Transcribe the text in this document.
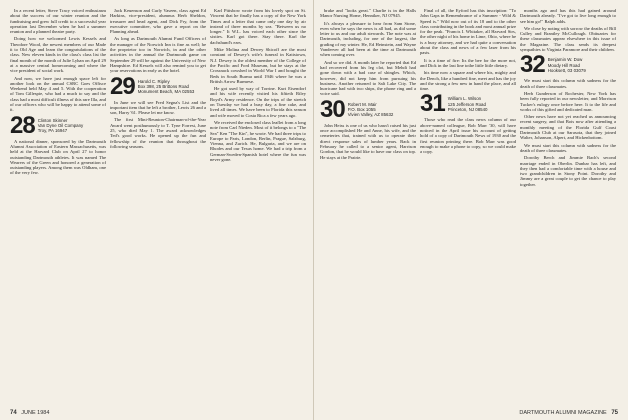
In a recent letter, Steve Tracy voiced enthusiasm about the success of our winter reunion and the fundraising and grew full credit to a successful year operation last December when he had a summer reunion and a planned theatre party.

Doing how we welcomed Lewis Kessels and Theodore Wood, the newest members of our Made it to Old Age and learn the congratulations of the class. New eleven kinds in the class's class list the final month of the month of Julie Lyhan on April 29 at a massive central homecoming and where the vice president of social work.

And now, we have just enough space left for another look on the annual CSRC Goes Offisce Weekend held May 4 and 5. With the cooperation of Tom Gillespie, who had a much to say and the class had a most difficult illness of this rare Illa, and of our officers who will be happy to attend some of it.

28 Clinton Skinner
Van Dyne Oil Company
Troy, PA 16947

A national dinner, sponsored by the Dartmouth Alumni Association of Eastern Massachusetts, was held at the Harvard Club on April 27 to honor outstanding Dartmouth athletes. It was named The Wearers of the Green and honored a generation of outstanding players. Among them was Oldham, one of the very few.

Jack Keuenson and Curly Vaseen, class agent Ed Harkins, vice-president, alumnus Herb Sheldon, treasurer and head agent, and Dick Fry, from the executive committee, who gave a report on the Planning ahead.

As long as Dartmouth Alumni Fund Officers of the manager of the Norwich Inn is fine as well; he the proprietor too in Norwich, in and the other activities in the annual the Dartmouth game on September 29 will be against the University of New Hampshire. Ed Kessels will also remind you to get your reservations in early as the hotel.

29 Harold C. Ripley
Box 398, 25 Brittons Road
Monument Beach, MA 02553

In June we will see Fred Segna's List and the important item that he left a brother, Lewis 26 and a son, Harry '61. Please let me know.

The first Mini-Reunion-Chairman-of-the-Year Award went posthumously to T. Tyne Forrest, June 25, who died May 1. The award acknowledges Ted's good works. He opened up the fun and fellowship of the reunion that throughout the following seasons.

Karl Pittsbow wrote from his lovely spot on St. Vincent that he finally has a copy of the New York Times and a letter that came only one day by air instead of three months by sea. "Between us no longer." It W.L. has voiced each other since the sixties. Karl got there. Stay there. Karl the dachshund's ears.

Mike Molina and Dewey Shicoff are the most constant of Dewey's wife's funeral in Kattstown, N.J. Dewey is the oldest member of the College of the Pacific and Ford Museum, but be stays at the Crossnack cowshed in World War I and bought the Beds in South Burma until 1946 where he was a British Arrow Burmese.

He got used by way of Torrine. Kurt Eisendorf and his wife recently visited his fiftieth Riley Boyd's Army residence. On the trips of the stretch on Tuesday we had a busy day, a fine cake, and lived all times. We have been to Florida this season and wife moved to Costa Rica a few years ago.

We received the enclosed class leaflet from a long note from Carl Nieden. Most of it belongs to a "The Sea" Ken "The Kin", he wrote. We had three trips to Europe to Paris, London, Berlin, Prague, Salzburg, Vienna, and Zurich. He, Bulgaria, and we are on Rhodes and our Texas home. We had a trip from a German-Sweden-Spanish hotel where the fun was never gone.

74 JUNE 1984

brake and "looks great." Charlie is in the Halls Manor Nursing Home, Henniker, NJ 07945.

It's always a pleasure to hear from Sam Stone, even when he says the news is all bad, as did some letter to us and our adult stewards. The note was at Dartmouth, including, for one of the largest, the grading of my winter. He, Ed Heinstein, and Wayne Vanderver all had been at the time at Dartmouth when coming over.

And so we did. A month later he reported that Ed had recovered from his leg clot, but Mehdi had gone down with a bad case of shingles. Which, however, did not keep him from pursuing his business. Another returned to Salt Lake City. The hurricane had with two ships, the phone ring and a voice said.

30 Robert M. Mair
P.O. Box 1055
Vivien Valley, AZ 85632

John Heiss is one of us who hasn't raised his just once accomplished He and Anne, his wife, and the cemeteries that, trained with us to operate their direct response sales of lumber years. Back in February he called to a senior agent, Harrison Gordon, that he would like to have our class on top. He stays at the Prairie.

Final of all, the Eyford has this inscription: "To John Gaps in Remembrance of a Summer - Wild & Speed is." Wild now out of its 18 and to the other class contributing in the book and most annual prize for the peak. "Francis I. Whitaker, all Harvard Sirs, the other night of his home in Lime, Ohio, where he is a busy attorney, and we had quite a conversation about the class and news of a few laser from his pasts.

It is a time of fire: Its the bee for the more not, and Dick in the last line tothe little little dietary.

his time now a square and where his, mighty and the Dench, like a hundred fine, meet and has the joy and the strong a few new in hand the place, and all time.

31 William L. Wilson
125 Jefferson Road
Princeton, NJ 08540

Those who read the class news column of our above-named colleague, Bob Marr '30, will have noticed in the April issue his account of getting hold of a copy of Dartmouth News of 1930 and the first reunion printing there. Bob Marr was good enough to make a phone to copy, so we could make a copy.

months ago and has this had gained around Dartmouth already. "I've got to live long enough to see him go!" Ralph adds.

We close by noting with sorrow the deaths of Bill Culley and Brantley McCullough. Obituaries for these classmates appear elsewhere in this issue of the Magazine. The class sends its deepest sympathies to Virginia Paramore and their children.

32 Benjamin W. Dow
Moody Hill Road
Hooksett, 03 03079

We must start this column with sadness for the death of three classmates.

Herb Gunderson of Rochester, New York has been fully reported in our newsletter, and Morrison Tucker's eulogy once before here. It to the life and works of this gifted and dedicated man.

Other news have not yet reached us announcing recent surgery, and that Bois now after attending a monthly meeting of the Florida Gulf Coast Dartmouth Club at our Sarasota, that they joined Walter, Johanson, Alpert, and Hickenbottom.

We must start this column with sadness for the death of three classmates.

Dorothy Berch and Jimmie Bach's second marriage ended in Oberlin. Dunbar has left, and they then had a comfortable time with a house and two grandchildren in Stony Point. Dorothy and Jimmy are a great couple to get the chance to play together.

DARTMOUTH ALUMNI MAGAZINE 75
